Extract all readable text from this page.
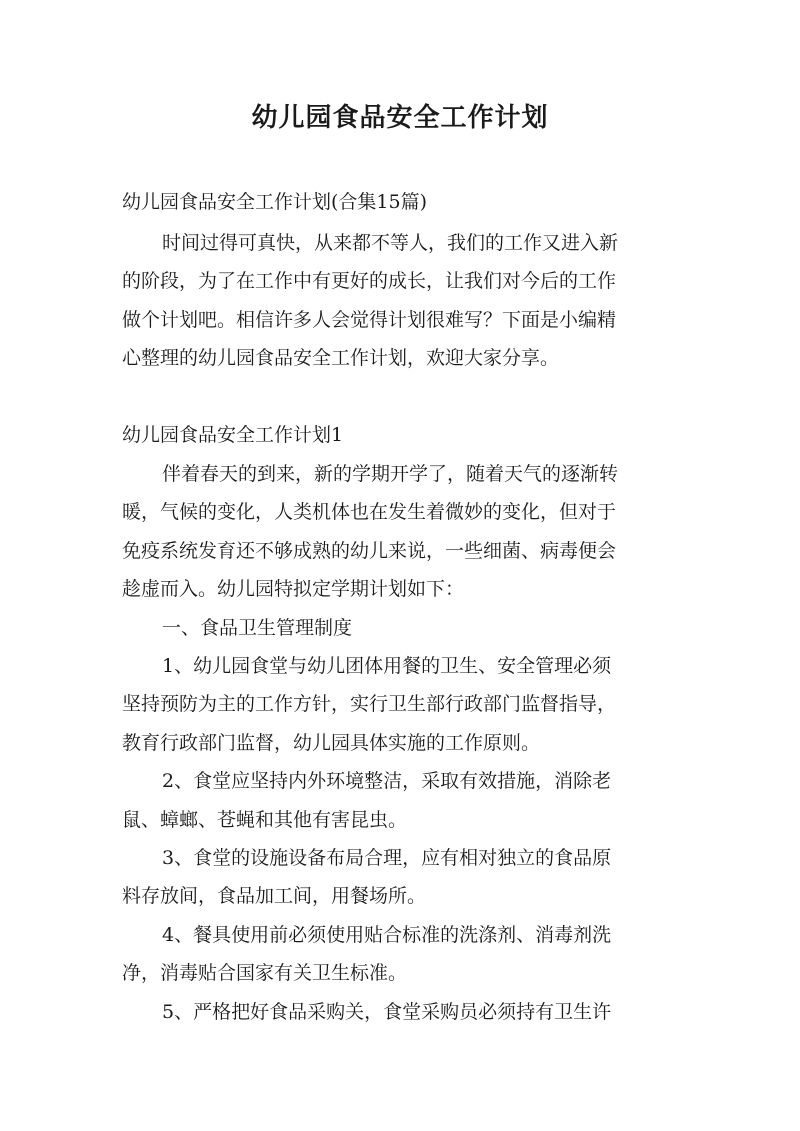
幼儿园食品安全工作计划
幼儿园食品安全工作计划(合集15篇)
时间过得可真快，从来都不等人，我们的工作又进入新
的阶段，为了在工作中有更好的成长，让我们对今后的工作
做个计划吧。相信许多人会觉得计划很难写？下面是小编精
心整理的幼儿园食品安全工作计划，欢迎大家分享。
幼儿园食品安全工作计划1
伴着春天的到来，新的学期开学了，随着天气的逐渐转
暖，气候的变化，人类机体也在发生着微妙的变化，但对于
免疫系统发育还不够成熟的幼儿来说，一些细菌、病毒便会
趁虚而入。幼儿园特拟定学期计划如下：
一、食品卫生管理制度
1、幼儿园食堂与幼儿团体用餐的卫生、安全管理必须
坚持预防为主的工作方针，实行卫生部行政部门监督指导，
教育行政部门监督，幼儿园具体实施的工作原则。
2、食堂应坚持内外环境整洁，采取有效措施，消除老
鼠、蟑螂、苍蝇和其他有害昆虫。
3、食堂的设施设备布局合理，应有相对独立的食品原
料存放间，食品加工间，用餐场所。
4、餐具使用前必须使用贴合标准的洗涤剂、消毒剂洗
净，消毒贴合国家有关卫生标准。
5、严格把好食品采购关，食堂采购员必须持有卫生许
